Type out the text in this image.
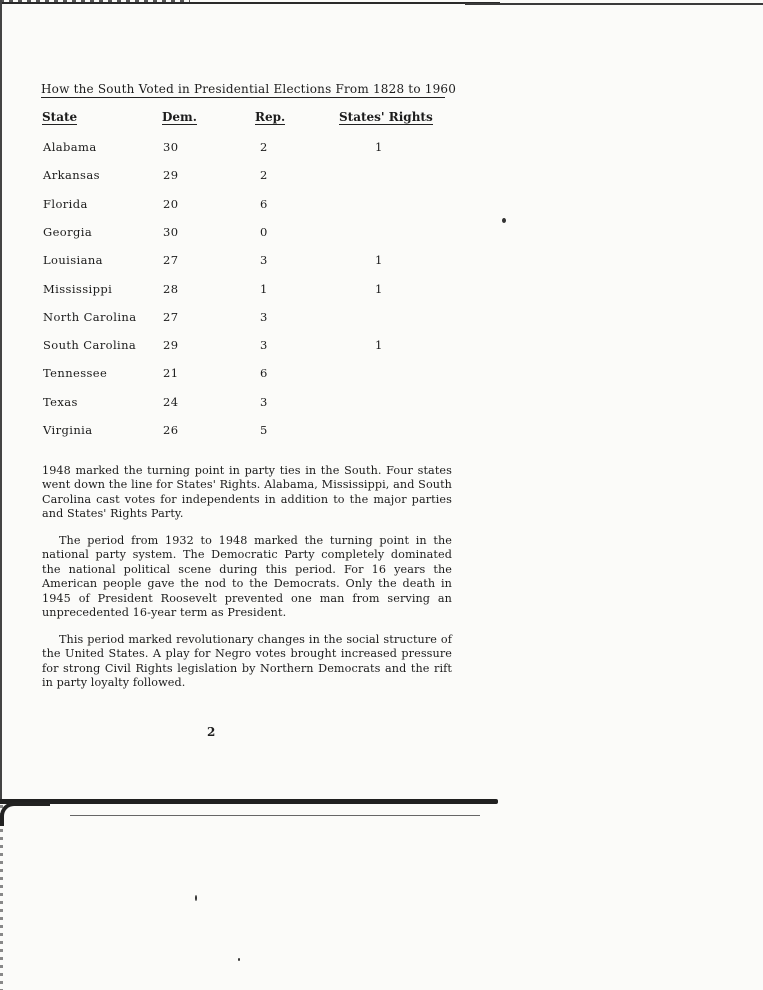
How the South Voted in Presidential Elections From 1828 to 1960
State	Dem.	Rep.	States' Rights
Alabama	30	2	1
Arkansas	29	2
Florida	20	6
Georgia	30	0
Louisiana	27	3	1
Mississippi	28	1	1
North Carolina 27	3
South Carolina 29	3	1
Tennessee	21	6
Texas	24	3
Virginia	26	5

1948 marked the turning point in party ties in the South. Four states went down the line for States' Rights. Alabama, Mississippi, and South Carolina cast votes for independents in addition to the major parties and States' Rights Party.

The period from 1932 to 1948 marked the turning point in the national party system. The Democratic Party completely dominated the national political scene during this period. For 16 years the American people gave the nod to the Democrats. Only the death in 1945 of President Roosevelt prevented one man from serving an unprecedented 16-year term as President.

This period marked revolutionary changes in the social structure of the United States. A play for Negro votes brought increased pressure for strong Civil Rights legislation by Northern Democrats and the rift in party loyalty followed.

2
